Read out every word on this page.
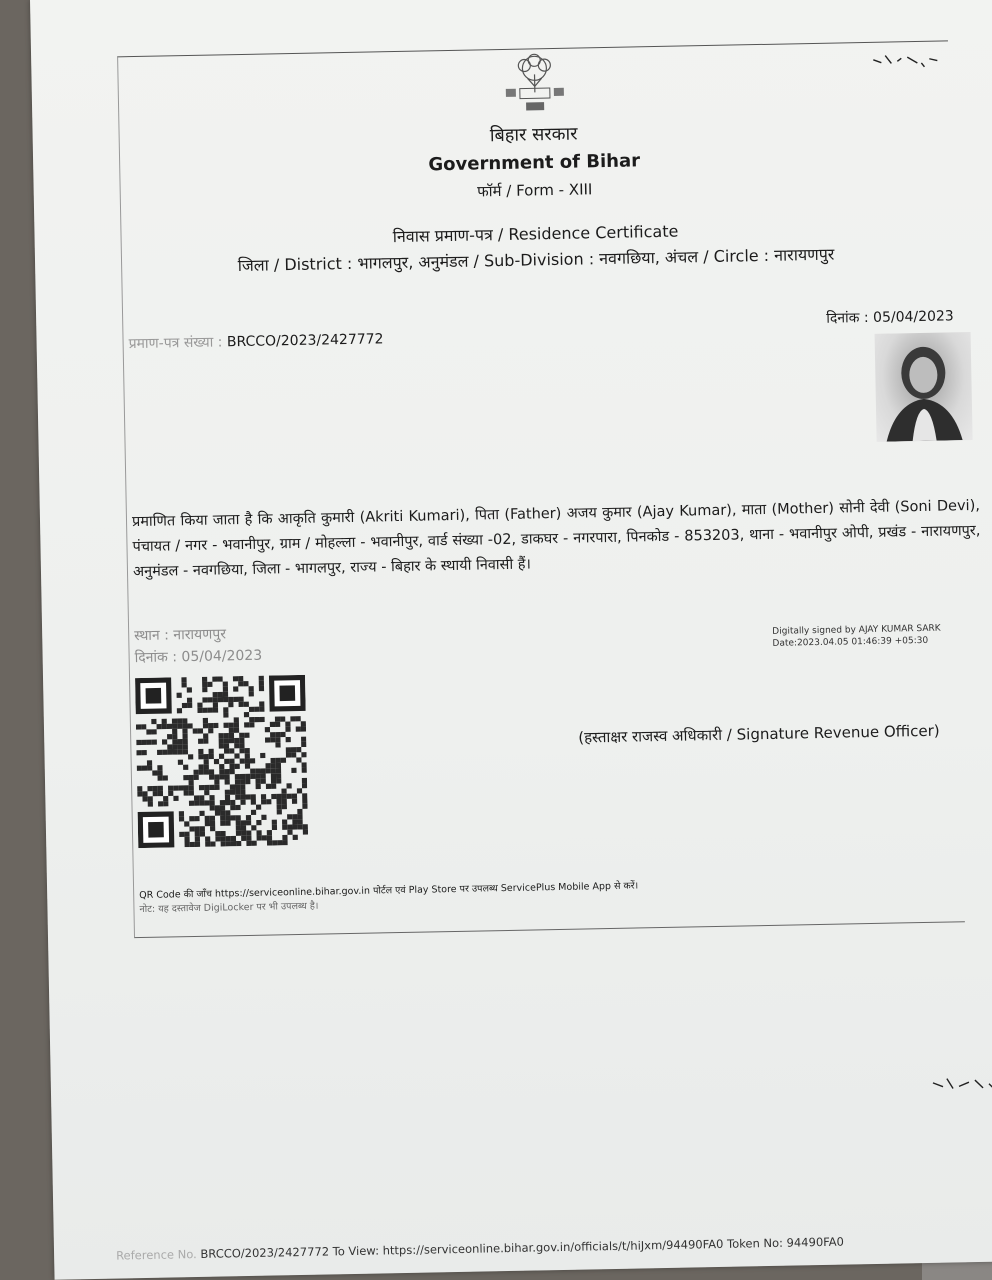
बिहार सरकार
Government of Bihar
फॉर्म / Form - XIII
निवास प्रमाण-पत्र / Residence Certificate
जिला / District : भागलपुर, अनुमंडल / Sub-Division : नवगछिया, अंचल / Circle : नारायणपुर
प्रमाण-पत्र संख्या : BRCCO/2023/2427772
दिनांक : 05/04/2023
प्रमाणित किया जाता है कि आकृति कुमारी (Akriti Kumari), पिता (Father) अजय कुमार (Ajay Kumar), माता (Mother) सोनी देवी (Soni Devi), पंचायत / नगर - भवानीपुर, ग्राम / मोहल्ला - भवानीपुर, वार्ड संख्या -02, डाकघर - नगरपारा, पिनकोड - 853203, थाना - भवानीपुर ओपी, प्रखंड - नारायणपुर, अनुमंडल - नवगछिया, जिला - भागलपुर, राज्य - बिहार के स्थायी निवासी हैं।
स्थान : नारायणपुर
दिनांक : 05/04/2023
Digitally signed by AJAY KUMAR SARK
Date:2023.04.05 01:46:39 +05:30
(हस्ताक्षर राजस्व अधिकारी / Signature Revenue Officer)
QR Code की जाँच https://serviceonline.bihar.gov.in पोर्टल एवं Play Store पर उपलब्ध ServicePlus Mobile App से करें।
नोट: यह दस्तावेज DigiLocker पर भी उपलब्ध है।
Reference No. BRCCO/2023/2427772 To View: https://serviceonline.bihar.gov.in/officials/t/hiJxm/94490FA0 Token No: 94490FA0
